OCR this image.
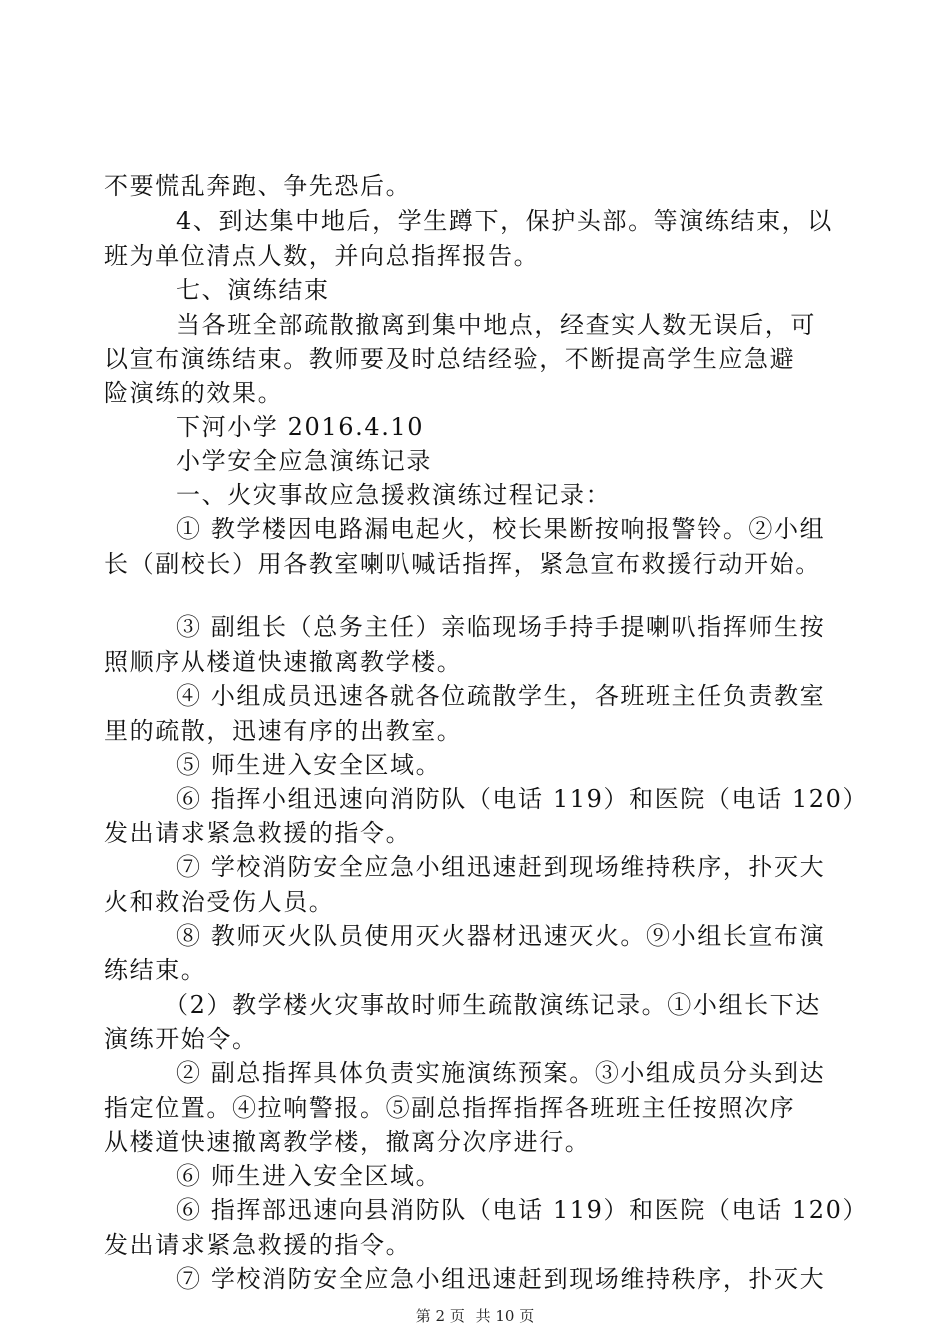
不要慌乱奔跑、争先恐后。
4、到达集中地后，学生蹲下，保护头部。等演练结束，以
班为单位清点人数，并向总指挥报告。
七、演练结束
当各班全部疏散撤离到集中地点，经查实人数无误后，可
以宣布演练结束。教师要及时总结经验，不断提高学生应急避
险演练的效果。
下河小学 2016.4.10
小学安全应急演练记录
一、火灾事故应急援救演练过程记录：
① 教学楼因电路漏电起火，校长果断按响报警铃。②小组
长（副校长）用各教室喇叭喊话指挥，紧急宣布救援行动开始。
③ 副组长（总务主任）亲临现场手持手提喇叭指挥师生按
照顺序从楼道快速撤离教学楼。
④ 小组成员迅速各就各位疏散学生，各班班主任负责教室
里的疏散，迅速有序的出教室。
⑤ 师生进入安全区域。
⑥ 指挥小组迅速向消防队（电话 119）和医院（电话 120）
发出请求紧急救援的指令。
⑦ 学校消防安全应急小组迅速赶到现场维持秩序，扑灭大
火和救治受伤人员。
⑧ 教师灭火队员使用灭火器材迅速灭火。⑨小组长宣布演
练结束。
（2）教学楼火灾事故时师生疏散演练记录。①小组长下达
演练开始令。
② 副总指挥具体负责实施演练预案。③小组成员分头到达
指定位置。④拉响警报。⑤副总指挥指挥各班班主任按照次序
从楼道快速撤离教学楼，撤离分次序进行。
⑥ 师生进入安全区域。
⑥ 指挥部迅速向县消防队（电话 119）和医院（电话 120）
发出请求紧急救援的指令。
⑦ 学校消防安全应急小组迅速赶到现场维持秩序，扑灭大
第 2 页 共 10 页
